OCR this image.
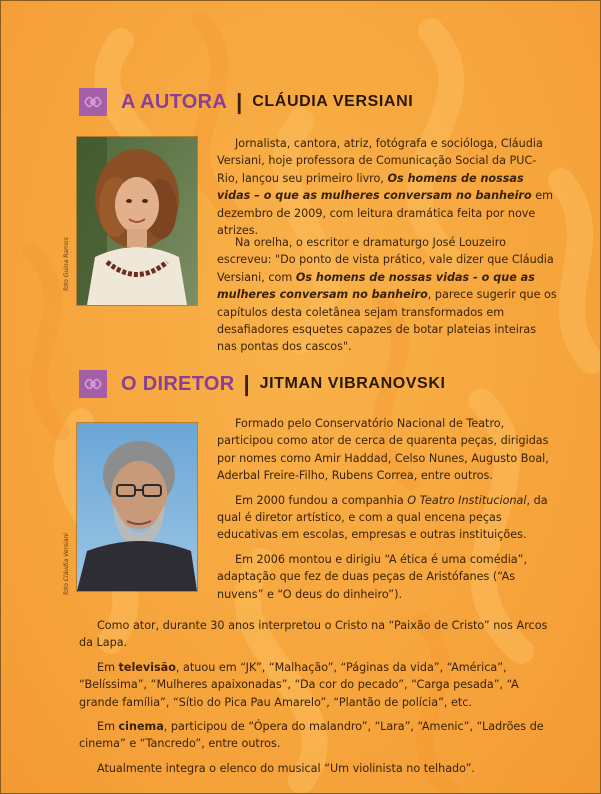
A AUTORA | CLÁUDIA VERSIANI
foto Guina Ramos

Jornalista, cantora, atriz, fotógrafa e socióloga, Cláudia Versiani, hoje professora de Comunicação Social da PUC-Rio, lançou seu primeiro livro, Os homens de nossas vidas – o que as mulheres conversam no banheiro em dezembro de 2009, com leitura dramática feita por nove atrizes.

Na orelha, o escritor e dramaturgo José Louzeiro escreveu: "Do ponto de vista prático, vale dizer que Cláudia Versiani, com Os homens de nossas vidas - o que as mulheres conversam no banheiro, parece sugerir que os capítulos desta coletânea sejam transformados em desafiadores esquetes capazes de botar plateias inteiras nas pontas dos cascos".

O DIRETOR | JITMAN VIBRANOVSKI
foto Cláudia Versiani

Formado pelo Conservatório Nacional de Teatro, participou como ator de cerca de quarenta peças, dirigidas por nomes como Amir Haddad, Celso Nunes, Augusto Boal, Aderbal Freire-Filho, Rubens Correa, entre outros.

Em 2000 fundou a companhia O Teatro Institucional, da qual é diretor artístico, e com a qual encena peças educativas em escolas, empresas e outras instituições.

Em 2006 montou e dirigiu “A ética é uma comédia”, adaptação que fez de duas peças de Aristófanes (“As nuvens” e “O deus do dinheiro”).

Como ator, durante 30 anos interpretou o Cristo na “Paixão de Cristo” nos Arcos da Lapa.

Em televisão, atuou em “JK”, “Malhação”, “Páginas da vida”, “América”, “Belíssima”, “Mulheres apaixonadas”, “Da cor do pecado”, “Carga pesada”, “A grande família”, “Sítio do Pica Pau Amarelo”, “Plantão de polícia”, etc.

Em cinema, participou de “Ópera do malandro”, “Lara”, “Amenic”, “Ladrões de cinema” e “Tancredo”, entre outros.

Atualmente integra o elenco do musical “Um violinista no telhado”.
